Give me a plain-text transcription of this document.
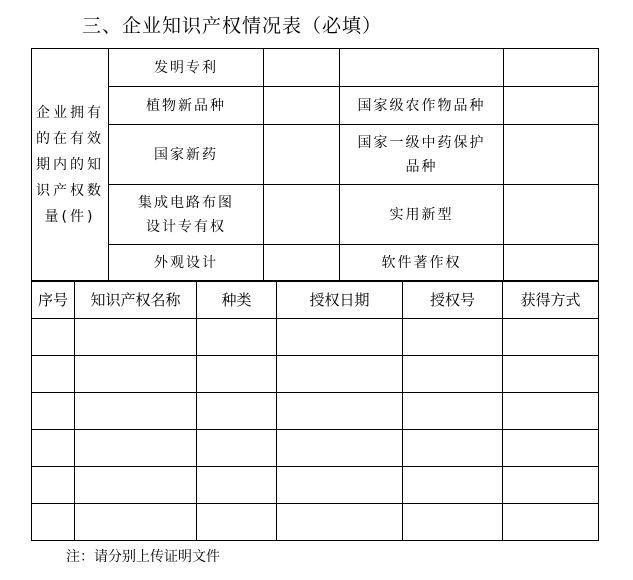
三、企业知识产权情况表（必填）
企业拥有的在有效期内的知识产权数量(件)	发明专利			
	植物新品种		国家级农作物品种	
	国家新药		国家一级中药保护品种	
	集成电路布图设计专有权		实用新型	
	外观设计		软件著作权	
序号	知识产权名称	种类	授权日期	授权号	获得方式

注：请分别上传证明文件
